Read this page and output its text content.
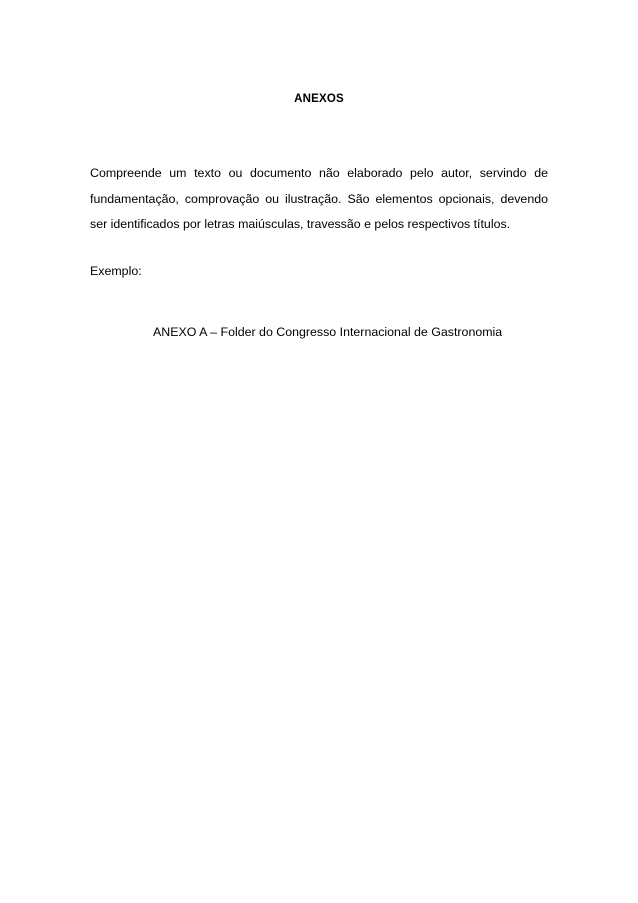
ANEXOS
Compreende um texto ou documento não elaborado pelo autor, servindo de fundamentação, comprovação ou ilustração. São elementos opcionais, devendo ser identificados por letras maiúsculas, travessão e pelos respectivos títulos.
Exemplo:
ANEXO A – Folder do Congresso Internacional de Gastronomia
